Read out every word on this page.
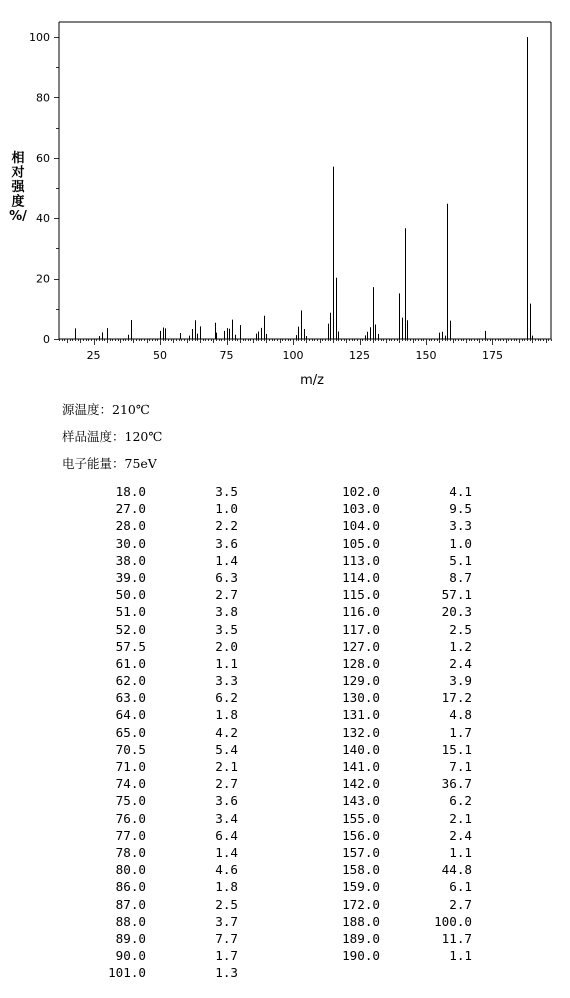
相
对
强
度
%/
25	50	75	100	125	150	175
0
20
40
60
80
100
m/z
源温度：210℃
样品温度：120℃
电子能量：75eV
18.0	3.5
27.0	1.0
28.0	2.2
30.0	3.6
38.0	1.4
39.0	6.3
50.0	2.7
51.0	3.8
52.0	3.5
57.5	2.0
61.0	1.1
62.0	3.3
63.0	6.2
64.0	1.8
65.0	4.2
70.5	5.4
71.0	2.1
74.0	2.7
75.0	3.6
76.0	3.4
77.0	6.4
78.0	1.4
80.0	4.6
86.0	1.8
87.0	2.5
88.0	3.7
89.0	7.7
90.0	1.7
101.0	1.3
102.0	4.1
103.0	9.5
104.0	3.3
105.0	1.0
113.0	5.1
114.0	8.7
115.0	57.1
116.0	20.3
117.0	2.5
127.0	1.2
128.0	2.4
129.0	3.9
130.0	17.2
131.0	4.8
132.0	1.7
140.0	15.1
141.0	7.1
142.0	36.7
143.0	6.2
155.0	2.1
156.0	2.4
157.0	1.1
158.0	44.8
159.0	6.1
172.0	2.7
188.0	100.0
189.0	11.7
190.0	1.1
